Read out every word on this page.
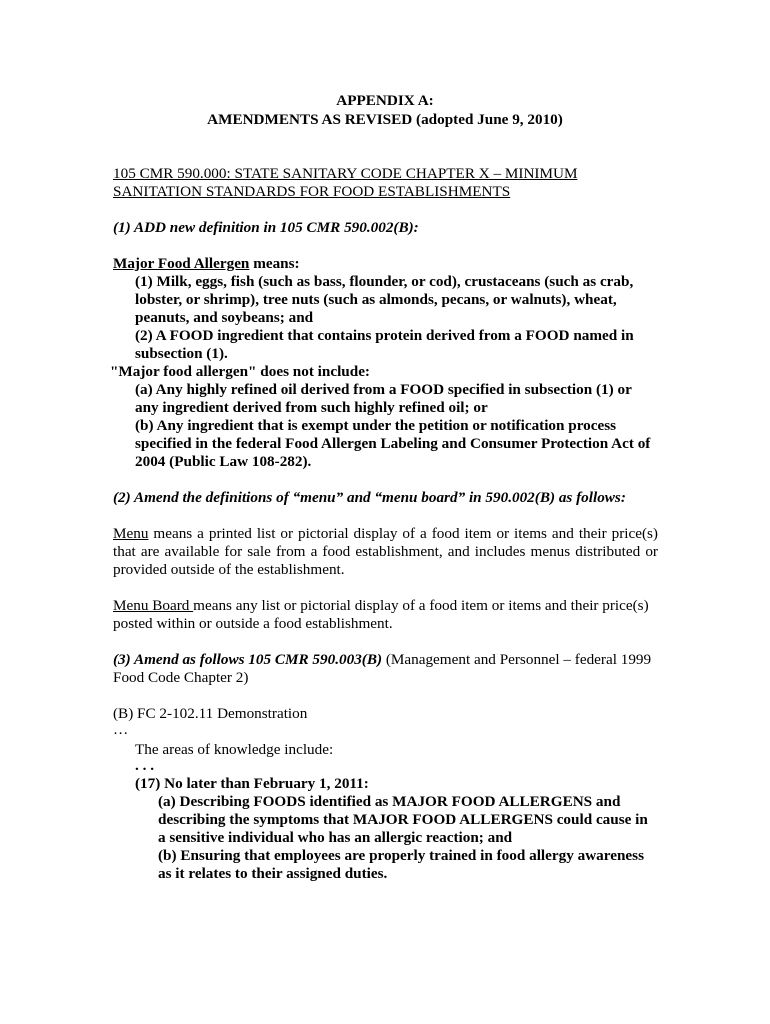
APPENDIX A:
AMENDMENTS AS REVISED (adopted June 9, 2010)
105 CMR 590.000: STATE SANITARY CODE CHAPTER X – MINIMUM
SANITATION STANDARDS FOR FOOD ESTABLISHMENTS
(1) ADD new definition in 105 CMR 590.002(B):
Major Food Allergen means:
(1) Milk, eggs, fish (such as bass, flounder, or cod), crustaceans (such as crab,
lobster, or shrimp), tree nuts (such as almonds, pecans, or walnuts), wheat,
peanuts, and soybeans; and
(2) A FOOD ingredient that contains protein derived from a FOOD named in
subsection (1).
"Major food allergen" does not include:
(a) Any highly refined oil derived from a FOOD specified in subsection (1) or
any ingredient derived from such highly refined oil; or
(b) Any ingredient that is exempt under the petition or notification process
specified in the federal Food Allergen Labeling and Consumer Protection Act of
2004 (Public Law 108-282).
(2) Amend the definitions of “menu” and “menu board” in 590.002(B) as follows:
Menu means a printed list or pictorial display of a food item or items and their price(s)
that are available for sale from a food establishment, and includes menus distributed or
provided outside of the establishment.
Menu Board means any list or pictorial display of a food item or items and their price(s)
posted within or outside a food establishment.
(3) Amend as follows 105 CMR 590.003(B) (Management and Personnel – federal 1999
Food Code Chapter 2)
(B) FC 2-102.11 Demonstration
…
The areas of knowledge include:
. . .
(17) No later than February 1, 2011:
(a) Describing FOODS identified as MAJOR FOOD ALLERGENS and
describing the symptoms that MAJOR FOOD ALLERGENS could cause in
a sensitive individual who has an allergic reaction; and
(b) Ensuring that employees are properly trained in food allergy awareness
as it relates to their assigned duties.
